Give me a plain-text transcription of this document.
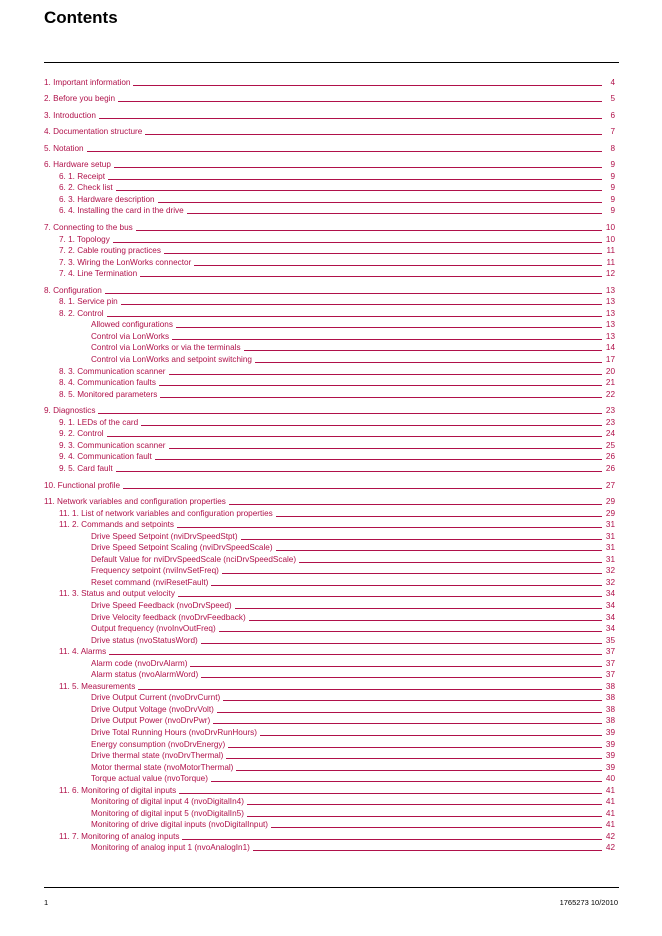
Contents
1. Important information	4
2. Before you begin	5
3. Introduction	6
4. Documentation structure	7
5. Notation	8
6. Hardware setup	9
6. 1. Receipt	9
6. 2. Check list	9
6. 3. Hardware description	9
6. 4. Installing the card in the drive	9
7. Connecting to the bus	10
7. 1. Topology	10
7. 2. Cable routing practices	11
7. 3. Wiring the LonWorks connector	11
7. 4. Line Termination	12
8. Configuration	13
8. 1. Service pin	13
8. 2. Control	13
Allowed configurations	13
Control via LonWorks	13
Control via LonWorks or via the terminals	14
Control via LonWorks and setpoint switching	17
8. 3. Communication scanner	20
8. 4. Communication faults	21
8. 5. Monitored parameters	22
9. Diagnostics	23
9. 1. LEDs of the card	23
9. 2. Control	24
9. 3. Communication scanner	25
9. 4. Communication fault	26
9. 5. Card fault	26
10. Functional profile	27
11. Network variables and configuration properties	29
11. 1. List of network variables and configuration properties	29
11. 2. Commands and setpoints	31
Drive Speed Setpoint (nviDrvSpeedStpt)	31
Drive Speed Setpoint Scaling (nviDrvSpeedScale)	31
Default Value for nviDrvSpeedScale (nciDrvSpeedScale)	31
Frequency setpoint (nviInvSetFreq)	32
Reset command (nviResetFault)	32
11. 3. Status and output velocity	34
Drive Speed Feedback (nvoDrvSpeed)	34
Drive Velocity feedback (nvoDrvFeedback)	34
Output frequency (nvoInvOutFreq)	34
Drive status (nvoStatusWord)	35
11. 4. Alarms	37
Alarm code (nvoDrvAlarm)	37
Alarm status (nvoAlarmWord)	37
11. 5. Measurements	38
Drive Output Current (nvoDrvCurnt)	38
Drive Output Voltage (nvoDrvVolt)	38
Drive Output Power (nvoDrvPwr)	38
Drive Total Running Hours (nvoDrvRunHours)	39
Energy consumption (nvoDrvEnergy)	39
Drive thermal state (nvoDrvThermal)	39
Motor thermal state (nvoMotorThermal)	39
Torque actual value (nvoTorque)	40
11. 6. Monitoring of digital inputs	41
Monitoring of digital input 4 (nvoDigitalIn4)	41
Monitoring of digital input 5 (nvoDigitalIn5)	41
Monitoring of drive digital inputs (nvoDigitalInput)	41
11. 7. Monitoring of analog inputs	42
Monitoring of analog input 1 (nvoAnalogIn1)	42
1	1765273 10/2010
